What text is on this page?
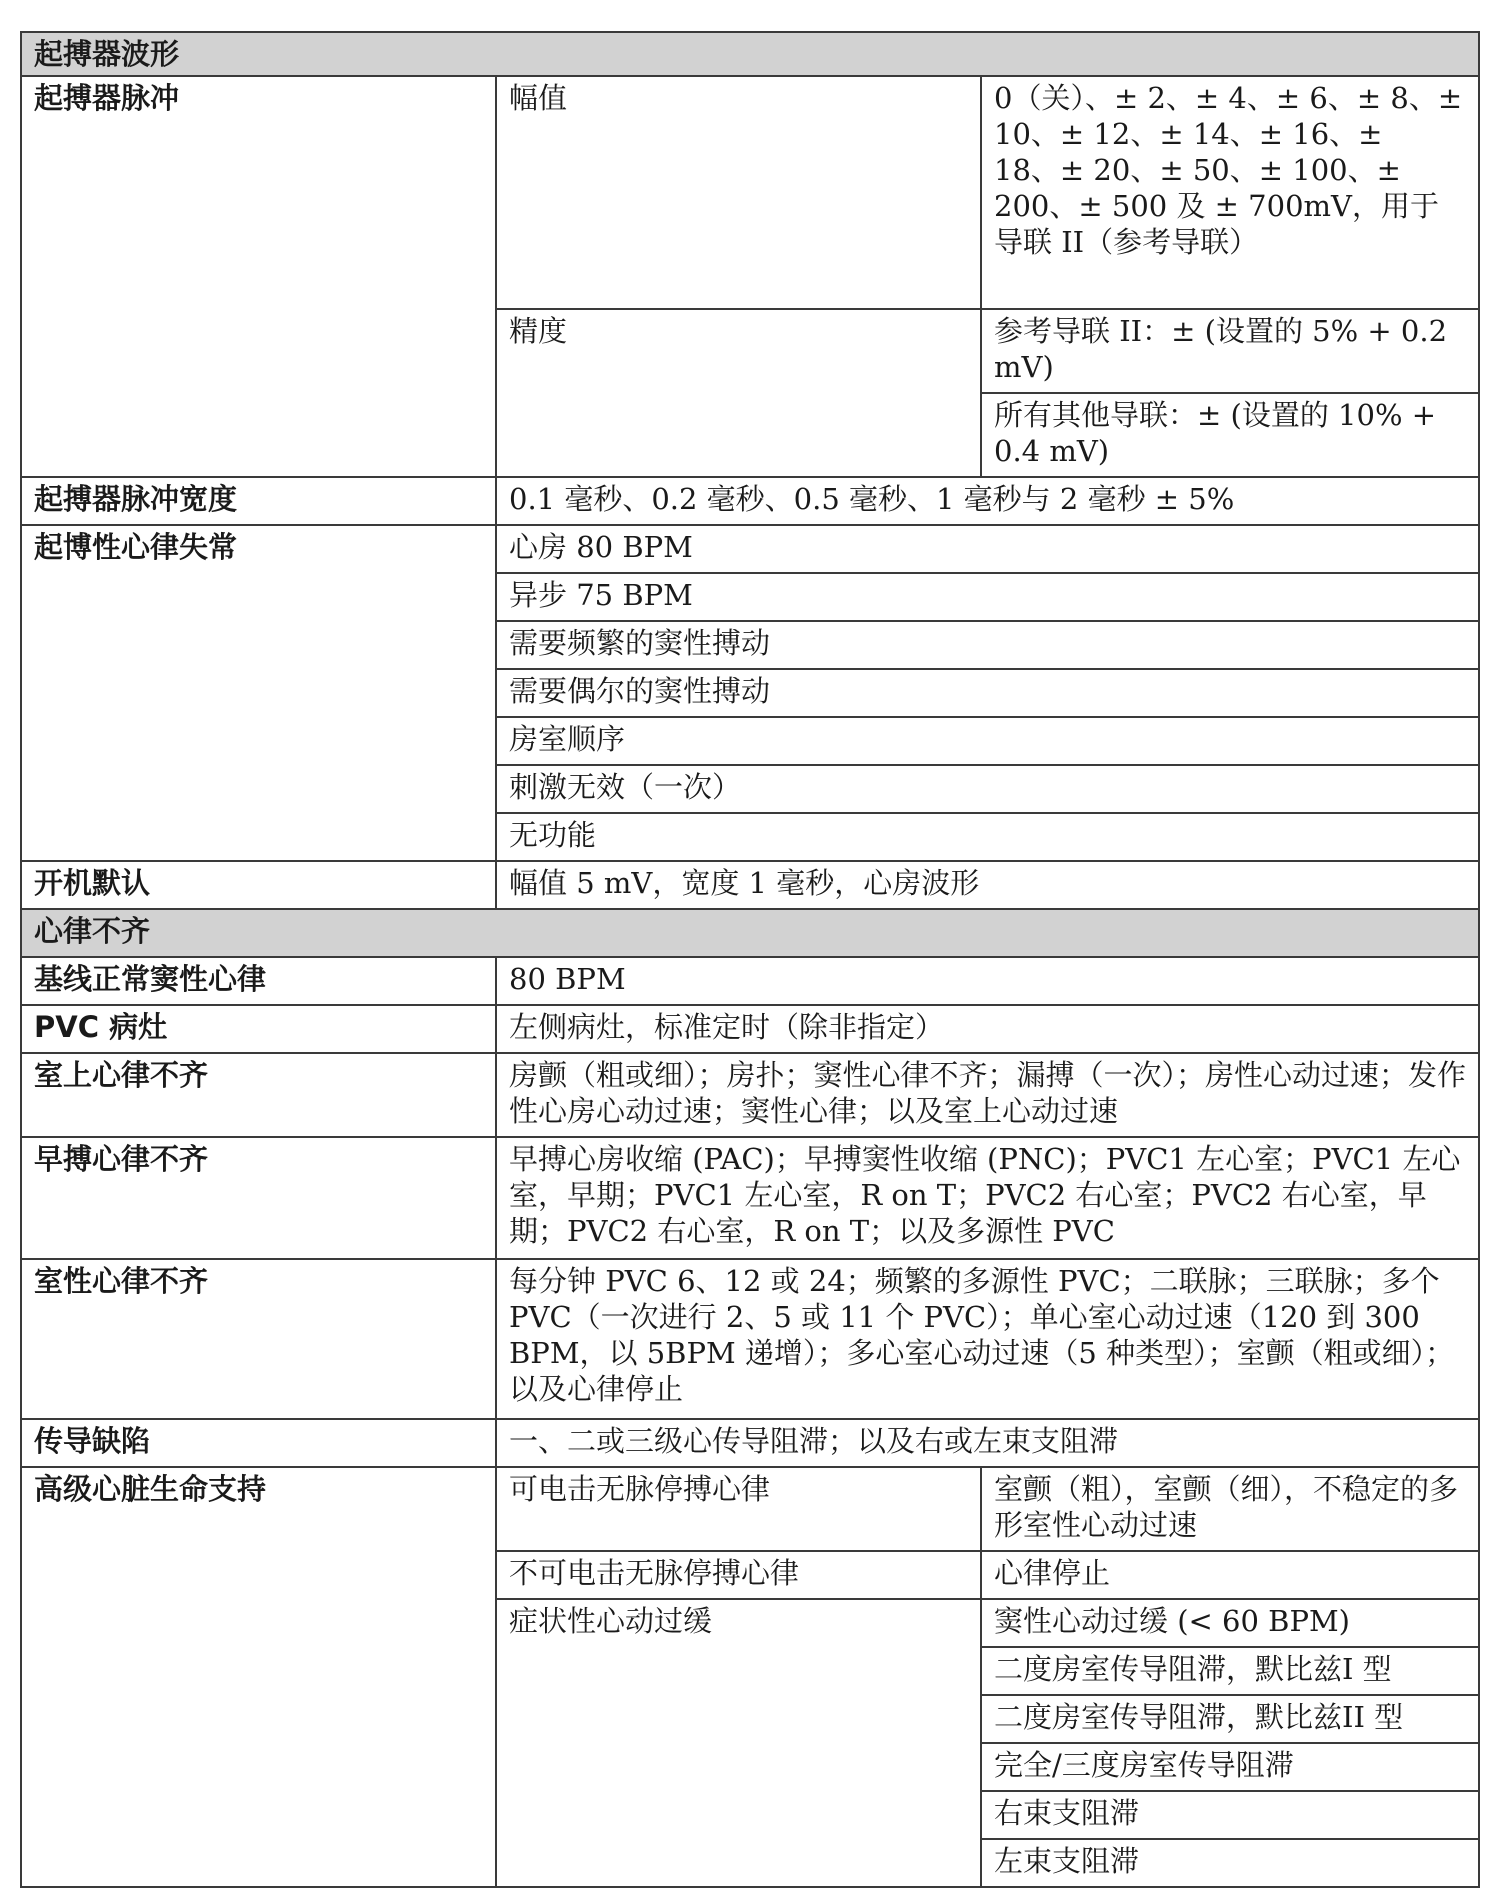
起搏器波形		
起搏器脉冲	幅值	0（关）、± 2、± 4、± 6、± 8、± 10、± 12、± 14、± 16、± 18、± 20、± 50、± 100、± 200、± 500 及 ± 700mV，用于导联 II（参考导联）
	精度	参考导联 II：± (设置的 5% + 0.2 mV)
		所有其他导联：± (设置的 10% + 0.4 mV)
起搏器脉冲宽度	0.1 毫秒、0.2 毫秒、0.5 毫秒、1 毫秒与 2 毫秒 ± 5%	
起博性心律失常	心房 80 BPM	
	异步 75 BPM	
	需要频繁的窦性搏动	
	需要偶尔的窦性搏动	
	房室顺序	
	刺激无效（一次）	
	无功能	
开机默认	幅值 5 mV，宽度 1 毫秒，心房波形	
心律不齐		
基线正常窦性心律	80 BPM	
PVC 病灶	左侧病灶，标准定时（除非指定）	
室上心律不齐	房颤（粗或细）；房扑；窦性心律不齐；漏搏（一次）；房性心动过速；发作性心房心动过速；窦性心律；以及室上心动过速	
早搏心律不齐	早搏心房收缩 (PAC)；早搏窦性收缩 (PNC)；PVC1 左心室；PVC1 左心室，早期；PVC1 左心室，R on T；PVC2 右心室；PVC2 右心室，早期；PVC2 右心室，R on T；以及多源性 PVC	
室性心律不齐	每分钟 PVC 6、12 或 24；频繁的多源性 PVC；二联脉；三联脉；多个 PVC（一次进行 2、5 或 11 个 PVC）；单心室心动过速（120 到 300 BPM，以 5BPM 递增）；多心室心动过速（5 种类型）；室颤（粗或细）；以及心律停止	
传导缺陷	一、二或三级心传导阻滞；以及右或左束支阻滞	
高级心脏生命支持	可电击无脉停搏心律	室颤（粗），室颤（细），不稳定的多形室性心动过速
	不可电击无脉停搏心律	心律停止
	症状性心动过缓	窦性心动过缓 (< 60 BPM)
		二度房室传导阻滞，默比兹I 型
		二度房室传导阻滞，默比兹II 型
		完全/三度房室传导阻滞
		右束支阻滞
		左束支阻滞
